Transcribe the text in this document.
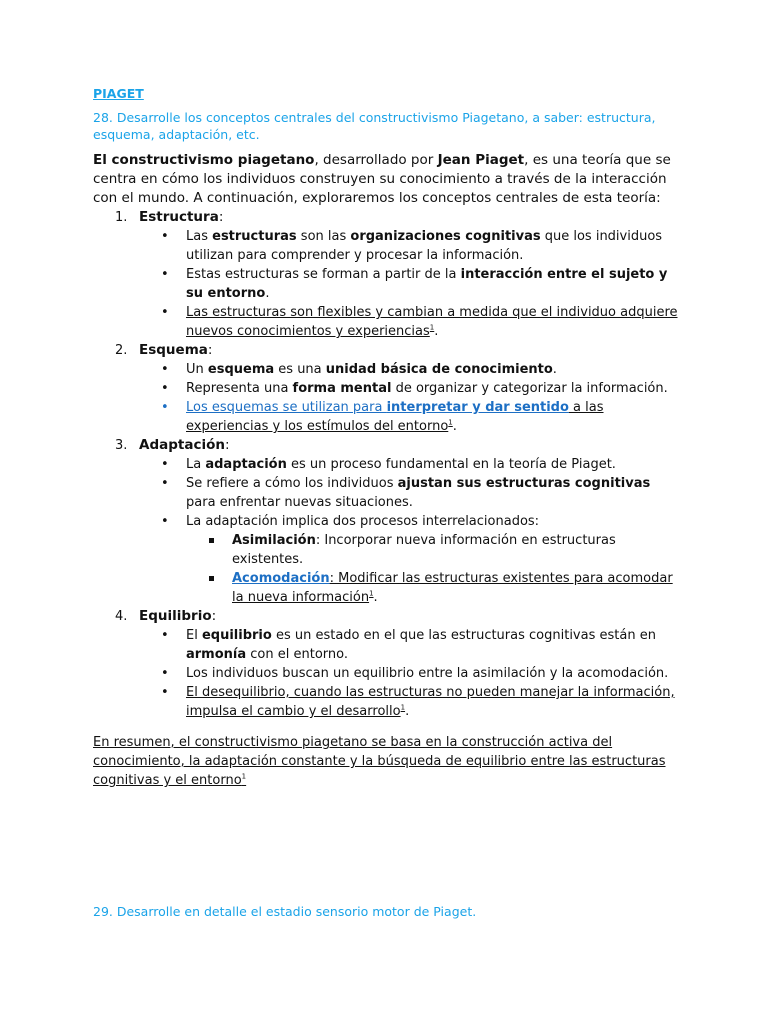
PIAGET

28. Desarrolle los conceptos centrales del constructivismo Piagetano, a saber: estructura, esquema, adaptación, etc.

El constructivismo piagetano, desarrollado por Jean Piaget, es una teoría que se centra en cómo los individuos construyen su conocimiento a través de la interacción con el mundo. A continuación, exploraremos los conceptos centrales de esta teoría:

1. Estructura:
• Las estructuras son las organizaciones cognitivas que los individuos utilizan para comprender y procesar la información.
• Estas estructuras se forman a partir de la interacción entre el sujeto y su entorno.
• Las estructuras son flexibles y cambian a medida que el individuo adquiere nuevos conocimientos y experiencias$^1$.
2. Esquema:
• Un esquema es una unidad básica de conocimiento.
• Representa una forma mental de organizar y categorizar la información.
• Los esquemas se utilizan para interpretar y dar sentido a las experiencias y los estímulos del entorno$^1$.
3. Adaptación:
• La adaptación es un proceso fundamental en la teoría de Piaget.
• Se refiere a cómo los individuos ajustan sus estructuras cognitivas para enfrentar nuevas situaciones.
• La adaptación implica dos procesos interrelacionados:
Asimilación: Incorporar nueva información en estructuras existentes.
Acomodación: Modificar las estructuras existentes para acomodar la nueva información$^1$.
4. Equilibrio:
• El equilibrio es un estado en el que las estructuras cognitivas están en armonía con el entorno.
• Los individuos buscan un equilibrio entre la asimilación y la acomodación.
• El desequilibrio, cuando las estructuras no pueden manejar la información, impulsa el cambio y el desarrollo$^1$.

En resumen, el constructivismo piagetano se basa en la construcción activa del conocimiento, la adaptación constante y la búsqueda de equilibrio entre las estructuras cognitivas y el entorno$^1$

29. Desarrolle en detalle el estadio sensorio motor de Piaget.
